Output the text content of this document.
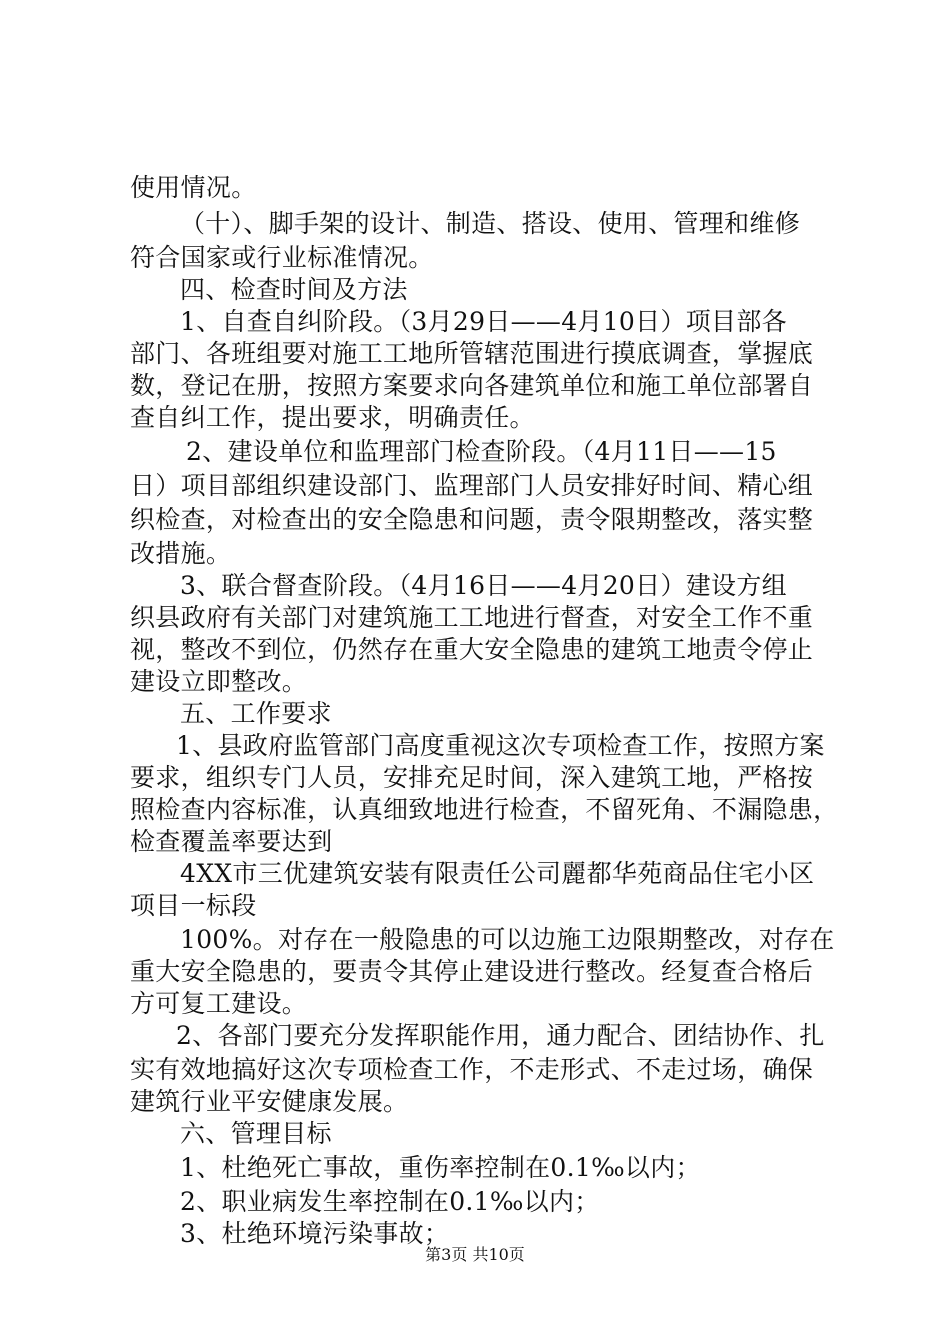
使用情况。
（十）、脚手架的设计、制造、搭设、使用、管理和维修
符合国家或行业标准情况。
四、检查时间及方法
1、自查自纠阶段。（3月29日——4月10日）项目部各
部门、各班组要对施工工地所管辖范围进行摸底调查，掌握底
数，登记在册，按照方案要求向各建筑单位和施工单位部署自
查自纠工作，提出要求，明确责任。
2、建设单位和监理部门检查阶段。（4月11日——15
日）项目部组织建设部门、监理部门人员安排好时间、精心组
织检查，对检查出的安全隐患和问题，责令限期整改，落实整
改措施。
3、联合督查阶段。（4月16日——4月20日）建设方组
织县政府有关部门对建筑施工工地进行督查，对安全工作不重
视，整改不到位，仍然存在重大安全隐患的建筑工地责令停止
建设立即整改。
五、工作要求
1、县政府监管部门高度重视这次专项检查工作，按照方案
要求，组织专门人员，安排充足时间，深入建筑工地，严格按
照检查内容标准，认真细致地进行检查，不留死角、不漏隐患，
检查覆盖率要达到
4XX市三优建筑安装有限责任公司麗都华苑商品住宅小区
项目一标段
100%。对存在一般隐患的可以边施工边限期整改，对存在
重大安全隐患的，要责令其停止建设进行整改。经复查合格后
方可复工建设。
2、各部门要充分发挥职能作用，通力配合、团结协作、扎
实有效地搞好这次专项检查工作，不走形式、不走过场，确保
建筑行业平安健康发展。
六、管理目标
1、杜绝死亡事故，重伤率控制在0.1‰以内；
2、职业病发生率控制在0.1‰以内；
3、杜绝环境污染事故；
第3页 共10页
